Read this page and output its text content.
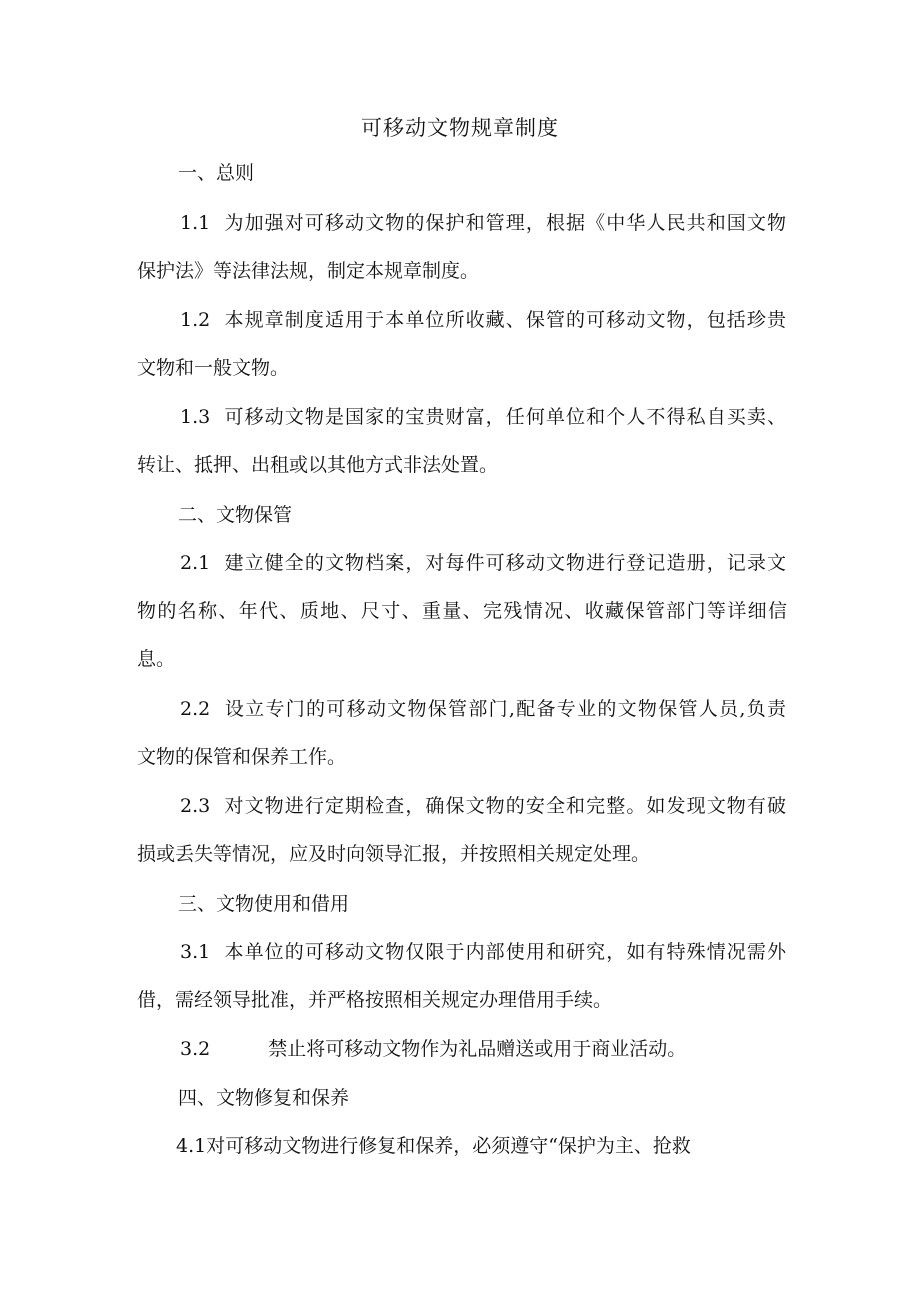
可移动文物规章制度
一、总则
1.1 为加强对可移动文物的保护和管理，根据《中华人民共和国文物
保护法》等法律法规，制定本规章制度。
1.2 本规章制度适用于本单位所收藏、保管的可移动文物，包括珍贵
文物和一般文物。
1.3 可移动文物是国家的宝贵财富，任何单位和个人不得私自买卖、
转让、抵押、出租或以其他方式非法处置。
二、文物保管
2.1 建立健全的文物档案，对每件可移动文物进行登记造册，记录文
物的名称、年代、质地、尺寸、重量、完残情况、收藏保管部门等详细信
息。
2.2 设立专门的可移动文物保管部门,配备专业的文物保管人员,负责
文物的保管和保养工作。
2.3 对文物进行定期检查，确保文物的安全和完整。如发现文物有破
损或丢失等情况，应及时向领导汇报，并按照相关规定处理。
三、文物使用和借用
3.1 本单位的可移动文物仅限于内部使用和研究，如有特殊情况需外
借，需经领导批准，并严格按照相关规定办理借用手续。
3.2	禁止将可移动文物作为礼品赠送或用于商业活动。
四、文物修复和保养
4.1对可移动文物进行修复和保养，必须遵守“保护为主、抢救
